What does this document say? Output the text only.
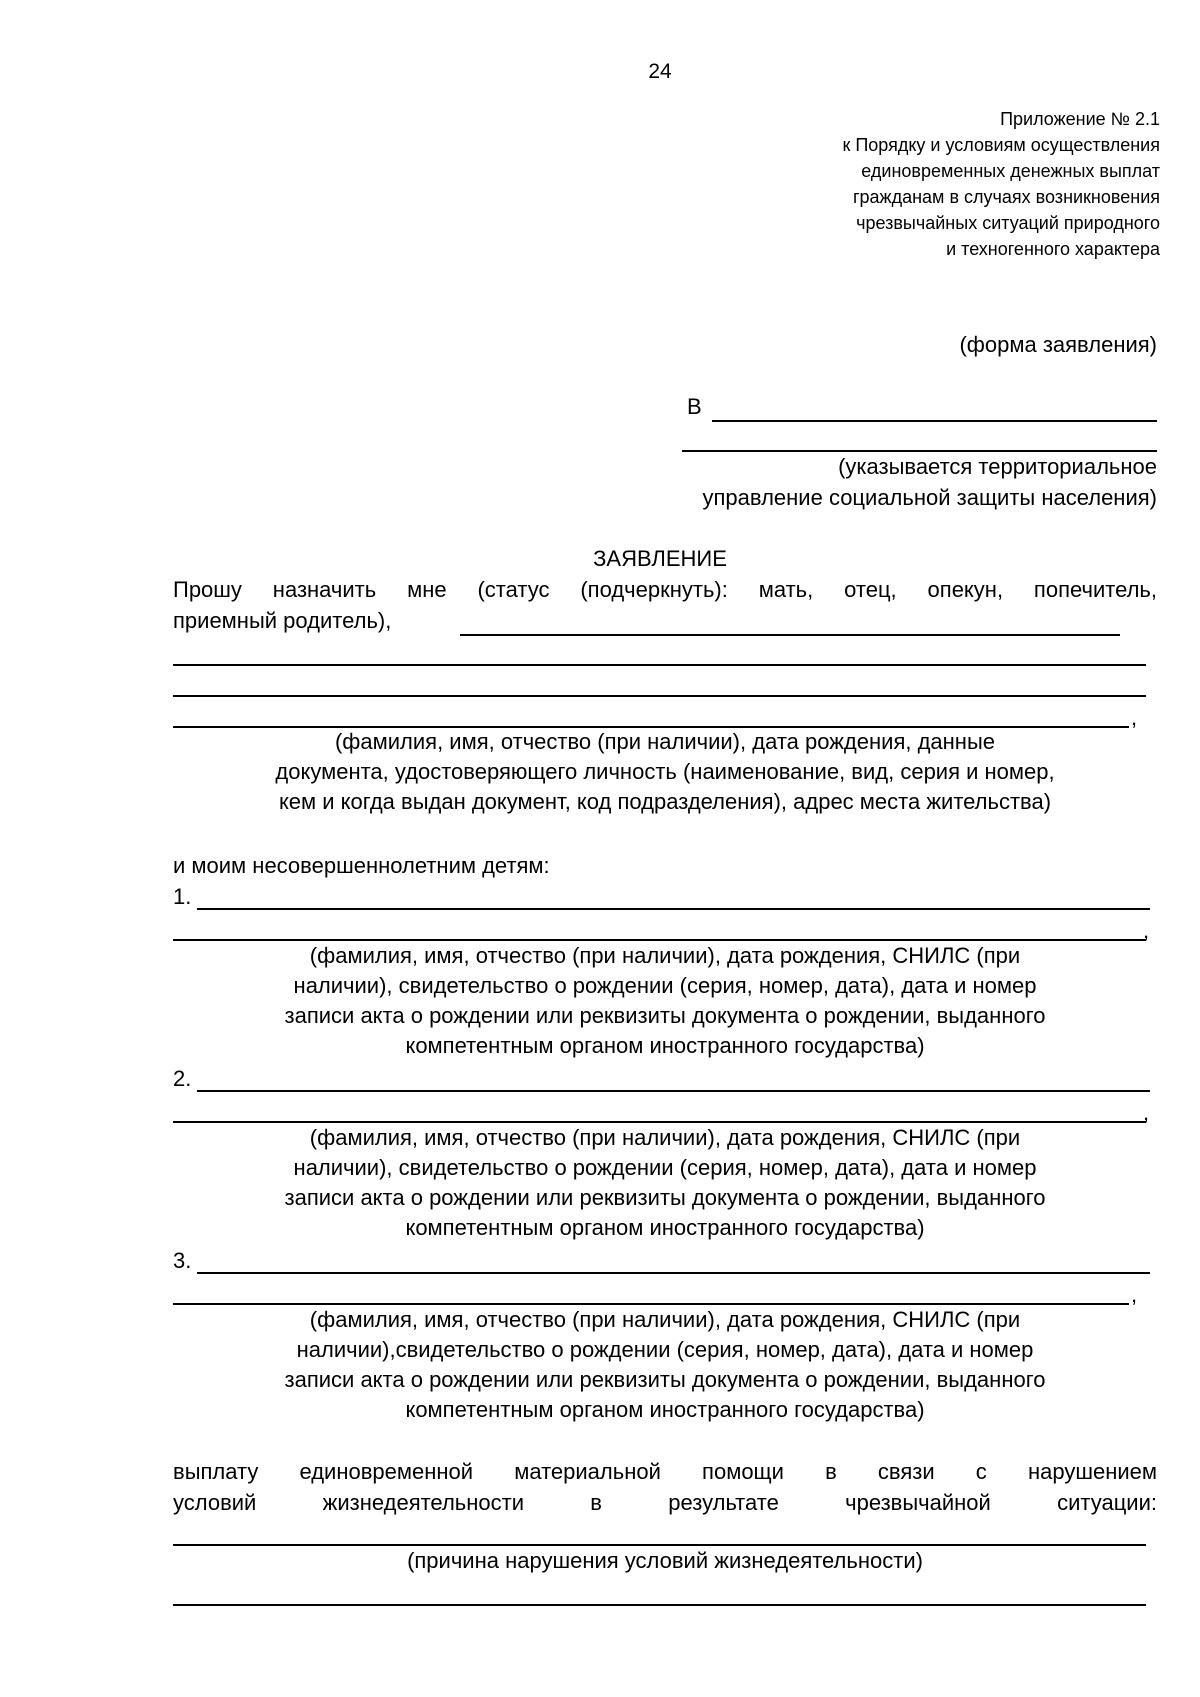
24
Приложение № 2.1
к Порядку и условиям осуществления
единовременных денежных выплат
гражданам в случаях возникновения
чрезвычайных ситуаций природного
и техногенного характера
(форма заявления)
В
(указывается территориальное
управление социальной защиты населения)
ЗАЯВЛЕНИЕ
Прошу назначить мне (статус (подчеркнуть): мать, отец, опекун, попечитель,
приемный родитель),
,
(фамилия, имя, отчество (при наличии), дата рождения, данные
документа, удостоверяющего личность (наименование, вид, серия и номер,
кем и когда выдан документ, код подразделения), адрес места жительства)
и моим несовершеннолетним детям:
1.
,
(фамилия, имя, отчество (при наличии), дата рождения, СНИЛС (при
наличии), свидетельство о рождении (серия, номер, дата), дата и номер
записи акта о рождении или реквизиты документа о рождении, выданного
компетентным органом иностранного государства)
2.
,
(фамилия, имя, отчество (при наличии), дата рождения, СНИЛС (при
наличии), свидетельство о рождении (серия, номер, дата), дата и номер
записи акта о рождении или реквизиты документа о рождении, выданного
компетентным органом иностранного государства)
3.
,
(фамилия, имя, отчество (при наличии), дата рождения, СНИЛС (при
наличии),свидетельство о рождении (серия, номер, дата), дата и номер
записи акта о рождении или реквизиты документа о рождении, выданного
компетентным органом иностранного государства)
выплату единовременной материальной помощи в связи с нарушением
условий жизнедеятельности в результате чрезвычайной ситуации:
(причина нарушения условий жизнедеятельности)
